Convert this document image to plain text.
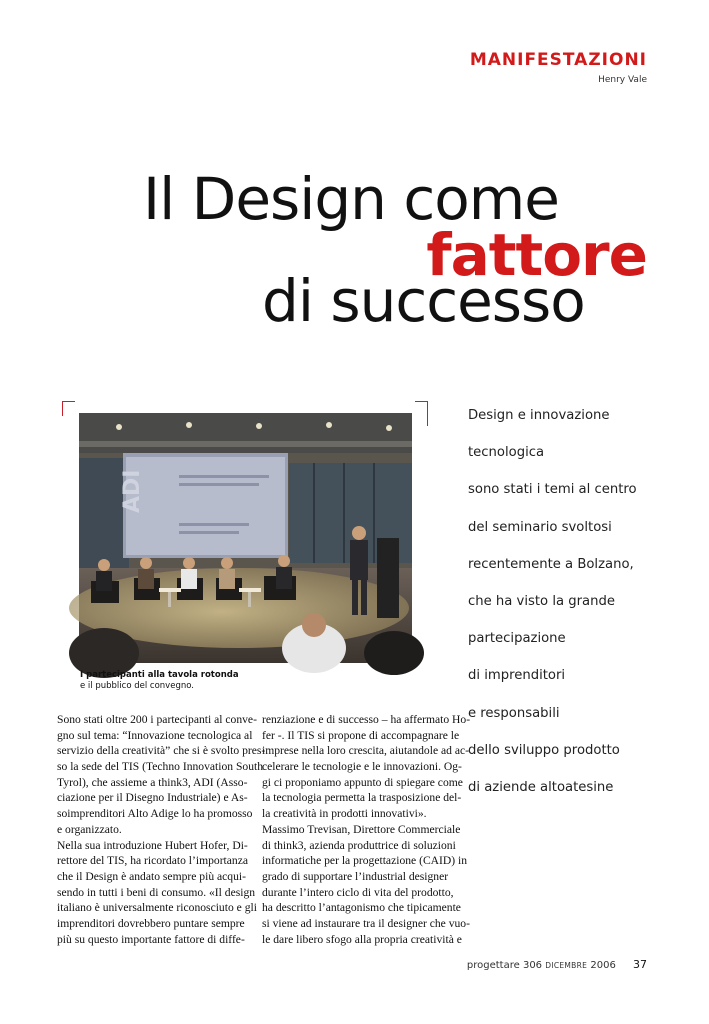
MANIFESTAZIONI
Henry Vale
Il Design come
fattore
di successo
ADI
I partecipanti alla tavola rotonda
e il pubblico del convegno.
Design e innovazione
tecnologica
sono stati i temi al centro
del seminario svoltosi
recentemente a Bolzano,
che ha visto la grande
partecipazione
di imprenditori
e responsabili
dello sviluppo prodotto
di aziende altoatesine
Sono stati oltre 200 i partecipanti al conve-
gno sul tema: “Innovazione tecnologica al
servizio della creatività” che si è svolto pres-
so la sede del TIS (Techno Innovation South
Tyrol), che assieme a think3, ADI (Asso-
ciazione per il Disegno Industriale) e As-
soimprenditori Alto Adige lo ha promosso
e organizzato.
Nella sua introduzione Hubert Hofer, Di-
rettore del TIS, ha ricordato l’importanza
che il Design è andato sempre più acqui-
sendo in tutti i beni di consumo. «Il design
italiano è universalmente riconosciuto e gli
imprenditori dovrebbero puntare sempre
più su questo importante fattore di diffe-
renziazione e di successo – ha affermato Ho-
fer -. Il TIS si propone di accompagnare le
imprese nella loro crescita, aiutandole ad ac-
celerare le tecnologie e le innovazioni. Og-
gi ci proponiamo appunto di spiegare come
la tecnologia permetta la trasposizione del-
la creatività in prodotti innovativi».
Massimo Trevisan, Direttore Commerciale
di think3, azienda produttrice di soluzioni
informatiche per la progettazione (CAID) in
grado di supportare l’industrial designer
durante l’intero ciclo di vita del prodotto,
ha descritto l’antagonismo che tipicamente
si viene ad instaurare tra il designer che vuo-
le dare libero sfogo alla propria creatività e
progettare 306 DICEMBRE 2006 37
